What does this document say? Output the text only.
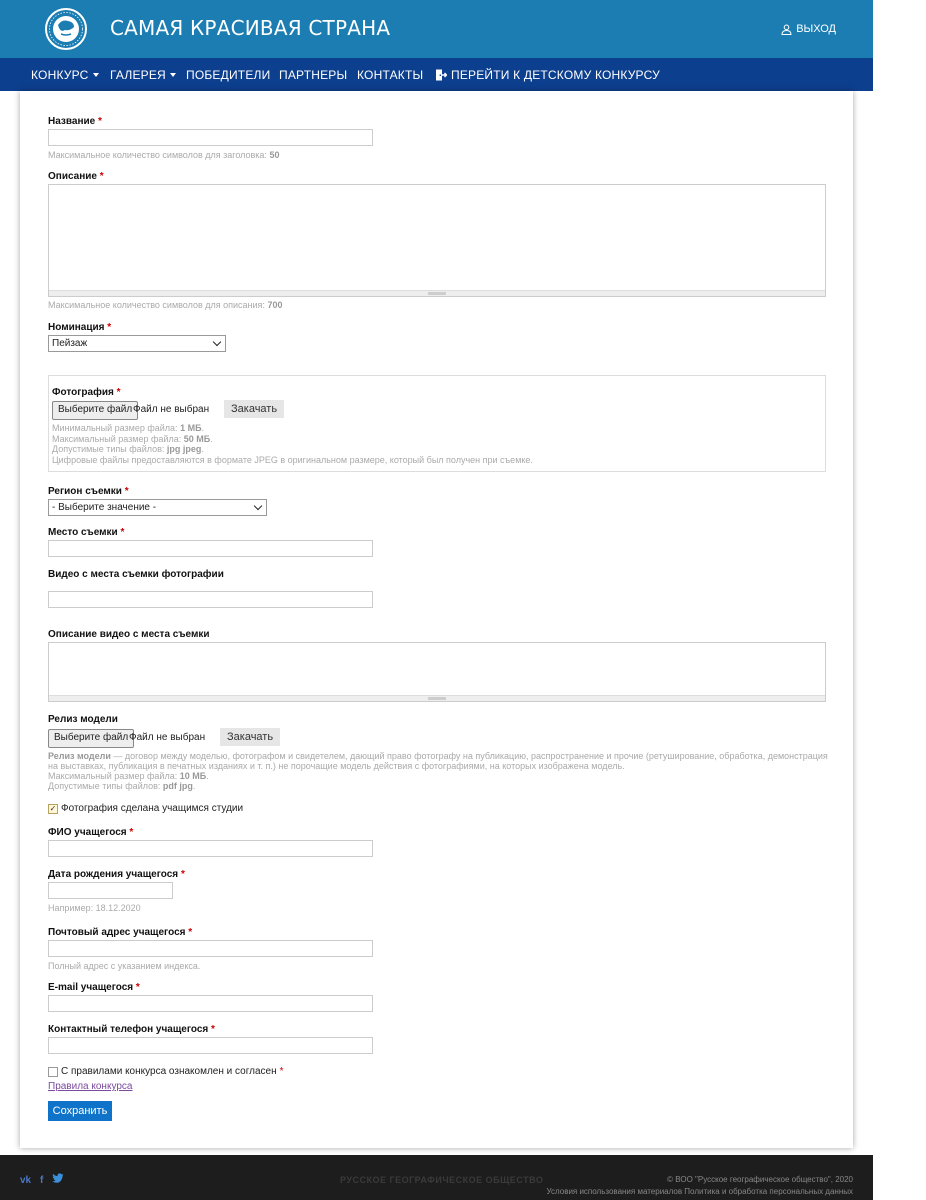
САМАЯ КРАСИВАЯ СТРАНА	ВЫХОД
КОНКУРС ГАЛЕРЕЯ ПОБЕДИТЕЛИ ПАРТНЕРЫ КОНТАКТЫ ПЕРЕЙТИ К ДЕТСКОМУ КОНКУРСУ
Название *
Максимальное количество символов для заголовка: 50
Описание *
Максимальное количество символов для описания: 700
Номинация *
Пейзаж
Фотография *
Выберите файл Файл не выбран	Закачать
Минимальный размер файла: 1 МБ.
Максимальный размер файла: 50 МБ.
Допустимые типы файлов: jpg jpeg.
Цифровые файлы предоставляются в формате JPEG в оригинальном размере, который был получен при съемке.
Регион съемки *
- Выберите значение -
Место съемки *
Видео с места съемки фотографии
Описание видео с места съемки
Релиз модели
Выберите файл Файл не выбран	Закачать
Релиз модели — договор между моделью, фотографом и свидетелем, дающий право фотографу на публикацию, распространение и прочие (ретуширование, обработка, демонстрация
на выставках, публикация в печатных изданиях и т. п.) не порочащие модель действия с фотографиями, на которых изображена модель.
Максимальный размер файла: 10 МБ.
Допустимые типы файлов: pdf jpg.
✓
Фотография сделана учащимся студии
ФИО учащегося *
Дата рождения учащегося *
Например: 18.12.2020
Почтовый адрес учащегося *
Полный адрес с указанием индекса.
E-mail учащегося *
Контактный телефон учащегося *
С правилами конкурса ознакомлен и согласен *
Правила конкурса
Сохранить
vk f	РУССКОЕ ГЕОГРАФИЧЕСКОЕ ОБЩЕСТВО	© ВОО "Русское географическое общество", 2020
Условия использования материалов Политика и обработка персональных данных
